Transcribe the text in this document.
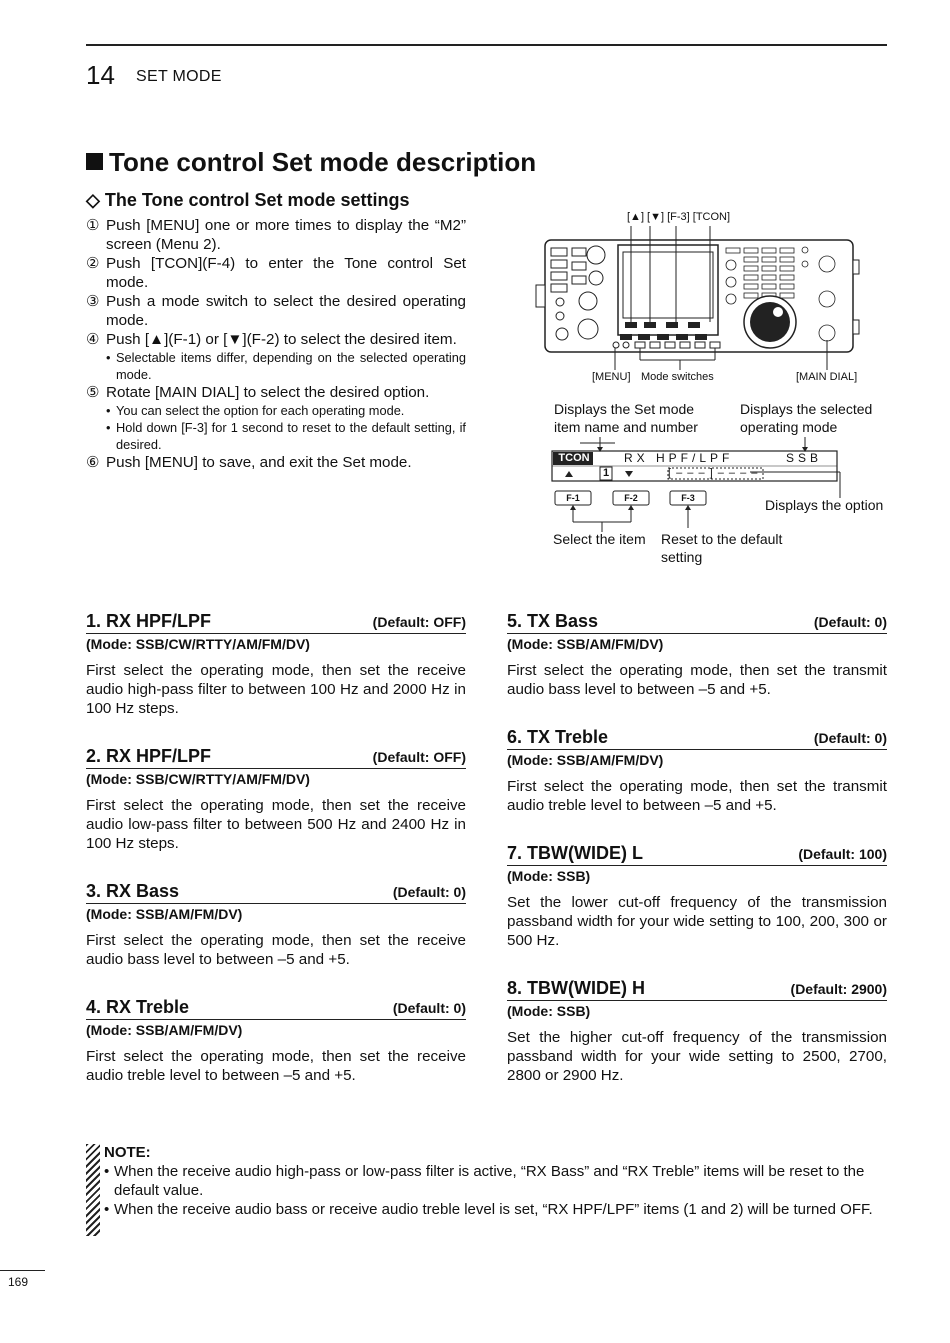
14 SET MODE
Tone control Set mode description
◇ The Tone control Set mode settings
① Push [MENU] one or more times to display the “M2” screen (Menu 2).
② Push [TCON](F-4) to enter the Tone control Set mode.
③ Push a mode switch to select the desired operating mode.
④ Push [▲](F-1) or [▼](F-2) to select the desired item.
• Selectable items differ, depending on the selected operating mode.
⑤ Rotate [MAIN DIAL] to select the desired option.
• You can select the option for each operating mode.
• Hold down [F-3] for 1 second to reset to the default setting, if desired.
⑥ Push [MENU] to save, and exit the Set mode.
[▲] [▼] [F-3] [TCON]
[MENU] Mode switches	[MAIN DIAL]
Displays the Set mode
item name and number
Displays the selected
operating mode
TCON	RX HPF/LPF	SSB
1	[ – – – ] – – – –
Displays the option
F-1	F-2	F-3
Select the item Reset to the default
setting
1. RX HPF/LPF	(Default: OFF)
(Mode: SSB/CW/RTTY/AM/FM/DV)
First select the operating mode, then set the receive audio high-pass filter to between 100 Hz and 2000 Hz in 100 Hz steps.
2. RX HPF/LPF	(Default: OFF)
(Mode: SSB/CW/RTTY/AM/FM/DV)
First select the operating mode, then set the receive audio low-pass filter to between 500 Hz and 2400 Hz in 100 Hz steps.
3. RX Bass	(Default: 0)
(Mode: SSB/AM/FM/DV)
First select the operating mode, then set the receive audio bass level to between –5 and +5.
4. RX Treble	(Default: 0)
(Mode: SSB/AM/FM/DV)
First select the operating mode, then set the receive audio treble level to between –5 and +5.
5. TX Bass	(Default: 0)
(Mode: SSB/AM/FM/DV)
First select the operating mode, then set the transmit audio bass level to between –5 and +5.
6. TX Treble	(Default: 0)
(Mode: SSB/AM/FM/DV)
First select the operating mode, then set the transmit audio treble level to between –5 and +5.
7. TBW(WIDE) L	(Default: 100)
(Mode: SSB)
Set the lower cut-off frequency of the transmission passband width for your wide setting to 100, 200, 300 or 500 Hz.
8. TBW(WIDE) H	(Default: 2900)
(Mode: SSB)
Set the higher cut-off frequency of the transmission passband width for your wide setting to 2500, 2700, 2800 or 2900 Hz.
NOTE:
• When the receive audio high-pass or low-pass filter is active, “RX Bass” and “RX Treble” items will be reset to the default value.
• When the receive audio bass or receive audio treble level is set, “RX HPF/LPF” items (1 and 2) will be turned OFF.
169
